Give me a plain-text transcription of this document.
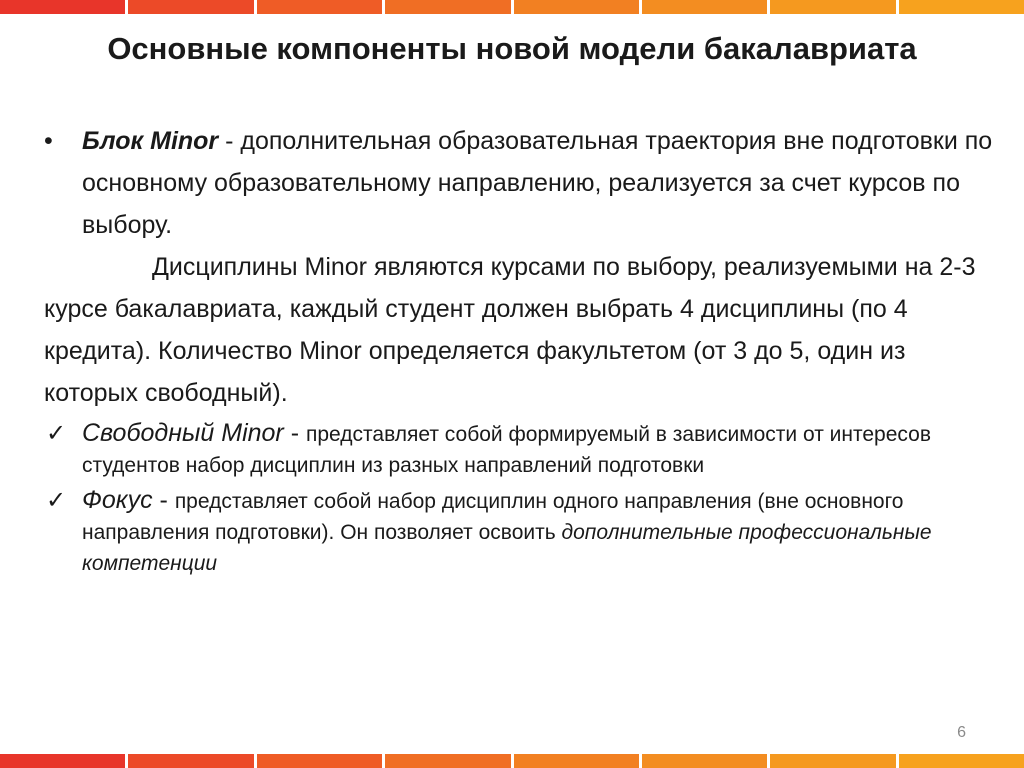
Основные компоненты новой модели бакалавриата
• Блок Minor - дополнительная образовательная траектория вне подготовки по основному образовательному направлению, реализуется за счет курсов по выбору.

Дисциплины Minor являются курсами по выбору, реализуемыми на 2-3 курсе бакалавриата, каждый студент должен выбрать 4 дисциплины (по 4 кредита). Количество Minor определяется факультетом (от 3 до 5, один из которых свободный).

✓ Свободный Minor - представляет собой формируемый в зависимости от интересов студентов набор дисциплин из разных направлений подготовки
✓ Фокус - представляет собой набор дисциплин одного направления (вне основного направления подготовки). Он позволяет освоить дополнительные профессиональные компетенции
6
